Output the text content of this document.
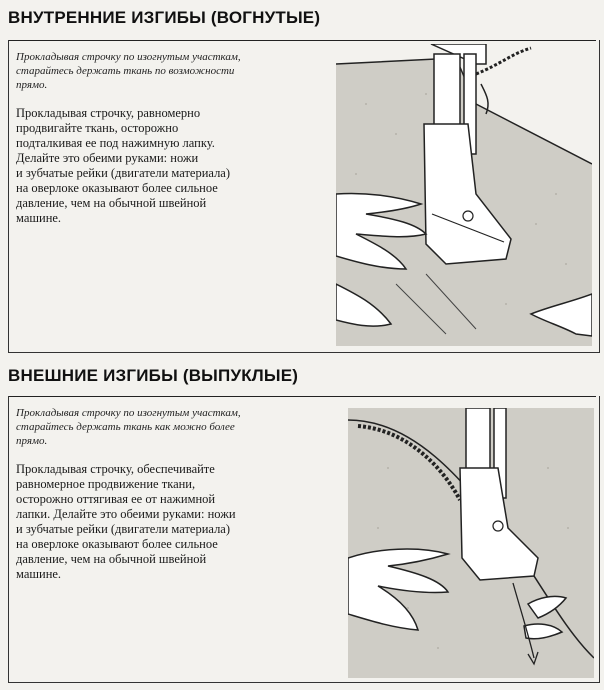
ВНУТРЕННИЕ ИЗГИБЫ (ВОГНУТЫЕ)
Прокладывая строчку по изогнутым участкам,
старайтесь держать ткань по возможности
прямо.
Прокладывая строчку, равномерно
продвигайте ткань, осторожно
подталкивая ее под нажимную лапку.
Делайте это обеими руками: ножи
и зубчатые рейки (двигатели материала)
на оверлоке оказывают более сильное
давление, чем на обычной швейной
машине.
ВНЕШНИЕ ИЗГИБЫ (ВЫПУКЛЫЕ)
Прокладывая строчку по изогнутым участкам,
старайтесь держать ткань как можно более
прямо.
Прокладывая строчку, обеспечивайте
равномерное продвижение ткани,
осторожно оттягивая ее от нажимной
лапки. Делайте это обеими руками: ножи
и зубчатые рейки (двигатели материала)
на оверлоке оказывают более сильное
давление, чем на обычной швейной
машине.
